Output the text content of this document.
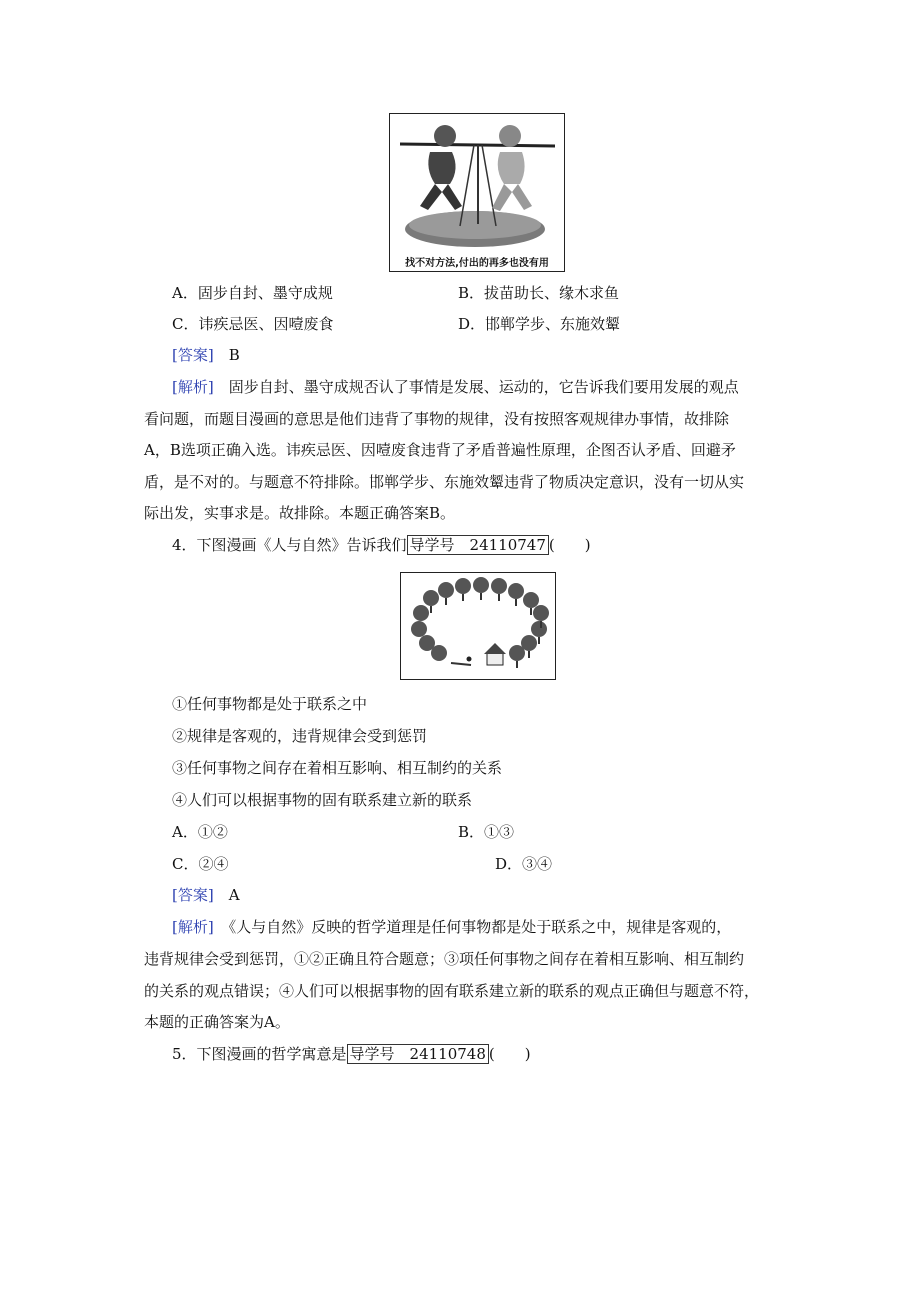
找不对方法,付出的再多也没有用
A．固步自封、墨守成规	B．拔苗助长、缘木求鱼
C．讳疾忌医、因噎废食	D．邯郸学步、东施效颦
[答案]　 B
[解析]　 固步自封、墨守成规否认了事情是发展、运动的，它告诉我们要用发展的观点
看问题，而题目漫画的意思是他们违背了事物的规律，没有按照客观规律办事情，故排除
A，B选项正确入选。讳疾忌医、因噎废食违背了矛盾普遍性原理，企图否认矛盾、回避矛
盾，是不对的。与题意不符排除。邯郸学步、东施效颦违背了物质决定意识，没有一切从实
际出发，实事求是。故排除。本题正确答案B。
4．下图漫画《人与自然》告诉我们 导学号　24110747 (　　)
①任何事物都是处于联系之中
②规律是客观的，违背规律会受到惩罚
③任何事物之间存在着相互影响、相互制约的关系
④人们可以根据事物的固有联系建立新的联系
A．①②	B．①③
C．②④	D．③④
[答案]　 A
[解析]　 《人与自然》反映的哲学道理是任何事物都是处于联系之中，规律是客观的，
违背规律会受到惩罚，①②正确且符合题意；③项任何事物之间存在着相互影响、相互制约
的关系的观点错误；④人们可以根据事物的固有联系建立新的联系的观点正确但与题意不符，
本题的正确答案为A。
5．下图漫画的哲学寓意是 导学号　24110748 (　　)
